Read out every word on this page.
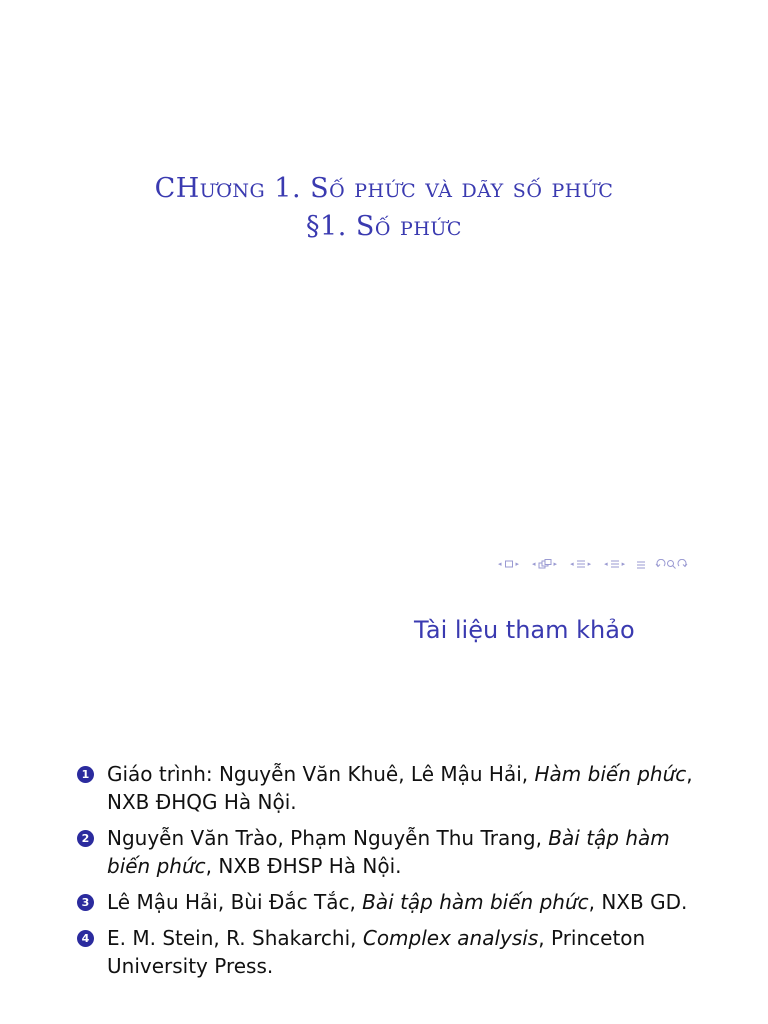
CHương 1. Số phức và dãy số phức
§1. Số phức
◂ ▸ ◂	▸ ◂ ▸ ◂ ▸
Tài liệu tham khảo
1 Giáo trình: Nguyễn Văn Khuê, Lê Mậu Hải, Hàm biến phức, NXB ĐHQG Hà Nội.
2 Nguyễn Văn Trào, Phạm Nguyễn Thu Trang, Bài tập hàm biến phức, NXB ĐHSP Hà Nội.
3 Lê Mậu Hải, Bùi Đắc Tắc, Bài tập hàm biến phức, NXB GD.
4 E. M. Stein, R. Shakarchi, Complex analysis, Princeton University Press.
